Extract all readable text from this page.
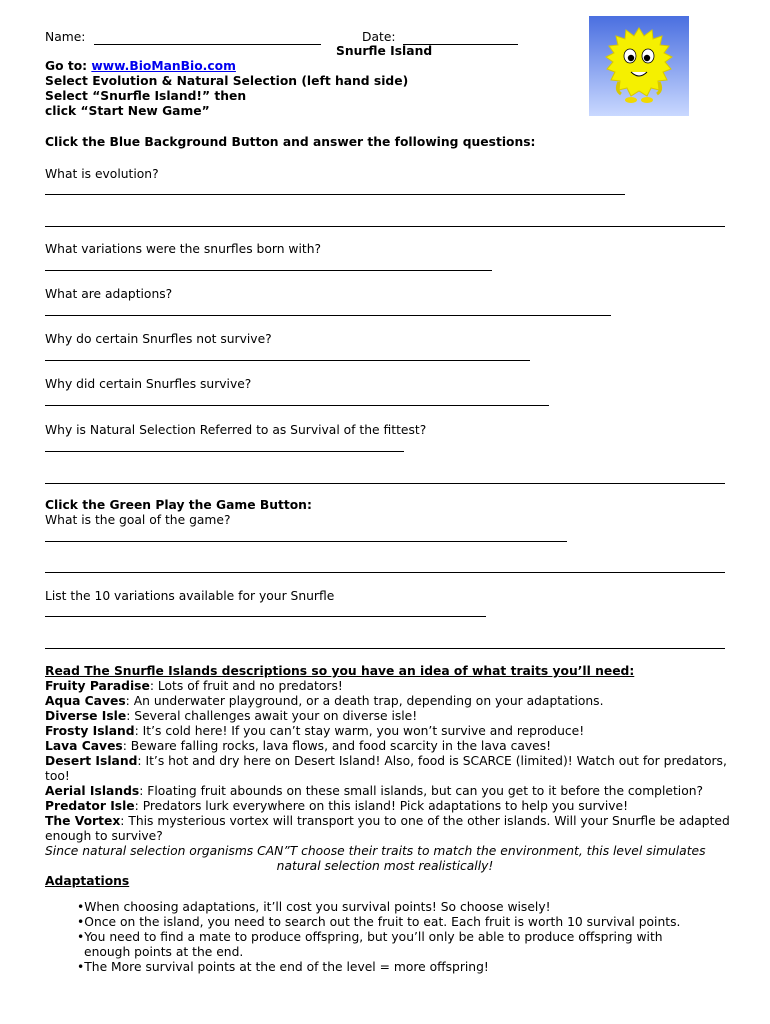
Name:	Date:
Snurfle Island
Go to: www.BioManBio.com
Select Evolution & Natural Selection (left hand side)
Select “Snurfle Island!” then
click “Start New Game”
Click the Blue Background Button and answer the following questions:
What is evolution?
What variations were the snurfles born with?
What are adaptions?
Why do certain Snurfles not survive?
Why did certain Snurfles survive?
Why is Natural Selection Referred to as Survival of the fittest?
Click the Green Play the Game Button:
What is the goal of the game?
List the 10 variations available for your Snurfle
Read The Snurfle Islands descriptions so you have an idea of what traits you’ll need:
Fruity Paradise: Lots of fruit and no predators!
Aqua Caves: An underwater playground, or a death trap, depending on your adaptations.
Diverse Isle: Several challenges await your on diverse isle!
Frosty Island: It’s cold here! If you can’t stay warm, you won’t survive and reproduce!
Lava Caves: Beware falling rocks, lava flows, and food scarcity in the lava caves!
Desert Island: It’s hot and dry here on Desert Island! Also, food is SCARCE (limited)! Watch out for predators, too!
Aerial Islands: Floating fruit abounds on these small islands, but can you get to it before the completion?
Predator Isle: Predators lurk everywhere on this island! Pick adaptations to help you survive!
The Vortex: This mysterious vortex will transport you to one of the other islands. Will your Snurfle be adapted enough to survive?
Since natural selection organisms CAN”T choose their traits to match the environment, this level simulates
natural selection most realistically!
Adaptations
•When choosing adaptations, it’ll cost you survival points! So choose wisely!
•Once on the island, you need to search out the fruit to eat. Each fruit is worth 10 survival points.
•You need to find a mate to produce offspring, but you’ll only be able to produce offspring with enough points at the end.
•The More survival points at the end of the level = more offspring!
